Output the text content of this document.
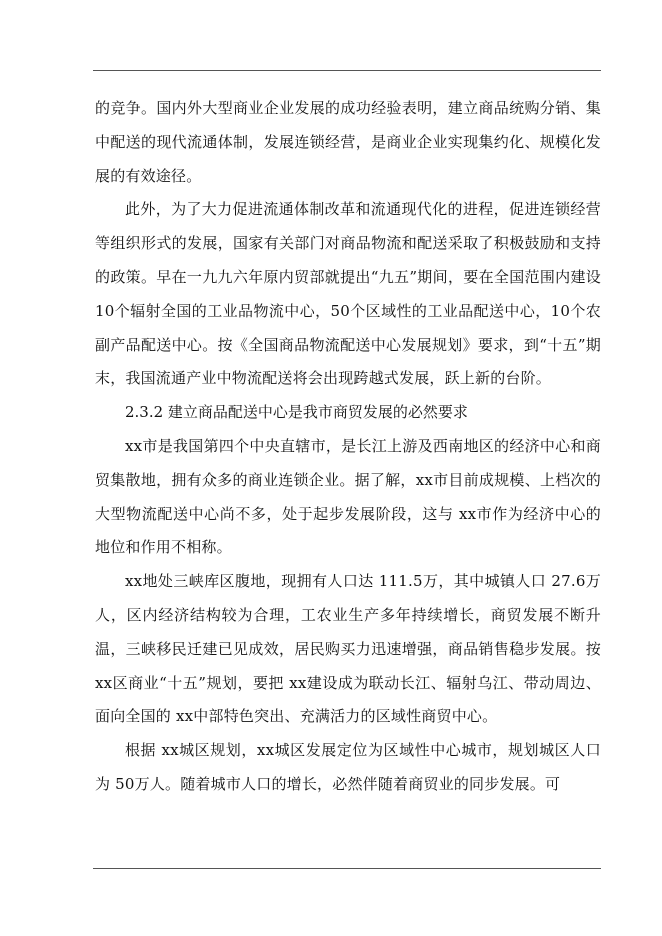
的竞争。国内外大型商业企业发展的成功经验表明，建立商品统购分销、集中配送的现代流通体制，发展连锁经营，是商业企业实现集约化、规模化发展的有效途径。

此外，为了大力促进流通体制改革和流通现代化的进程，促进连锁经营等组织形式的发展，国家有关部门对商品物流和配送采取了积极鼓励和支持的政策。早在一九九六年原内贸部就提出“九五”期间，要在全国范围内建设 10个辐射全国的工业品物流中心，50个区域性的工业品配送中心，10个农副产品配送中心。按《全国商品物流配送中心发展规划》要求，到“十五”期末，我国流通产业中物流配送将会出现跨越式发展，跃上新的台阶。

2.3.2 建立商品配送中心是我市商贸发展的必然要求

xx市是我国第四个中央直辖市，是长江上游及西南地区的经济中心和商贸集散地，拥有众多的商业连锁企业。据了解，xx市目前成规模、上档次的大型物流配送中心尚不多，处于起步发展阶段，这与 xx市作为经济中心的地位和作用不相称。

xx地处三峡库区腹地，现拥有人口达 111.5万，其中城镇人口 27.6万人，区内经济结构较为合理，工农业生产多年持续增长，商贸发展不断升温，三峡移民迁建已见成效，居民购买力迅速增强，商品销售稳步发展。按xx区商业“十五”规划，要把 xx建设成为联动长江、辐射乌江、带动周边、面向全国的 xx中部特色突出、充满活力的区域性商贸中心。

根据 xx城区规划，xx城区发展定位为区域性中心城市，规划城区人口为 50万人。随着城市人口的增长，必然伴随着商贸业的同步发展。可
